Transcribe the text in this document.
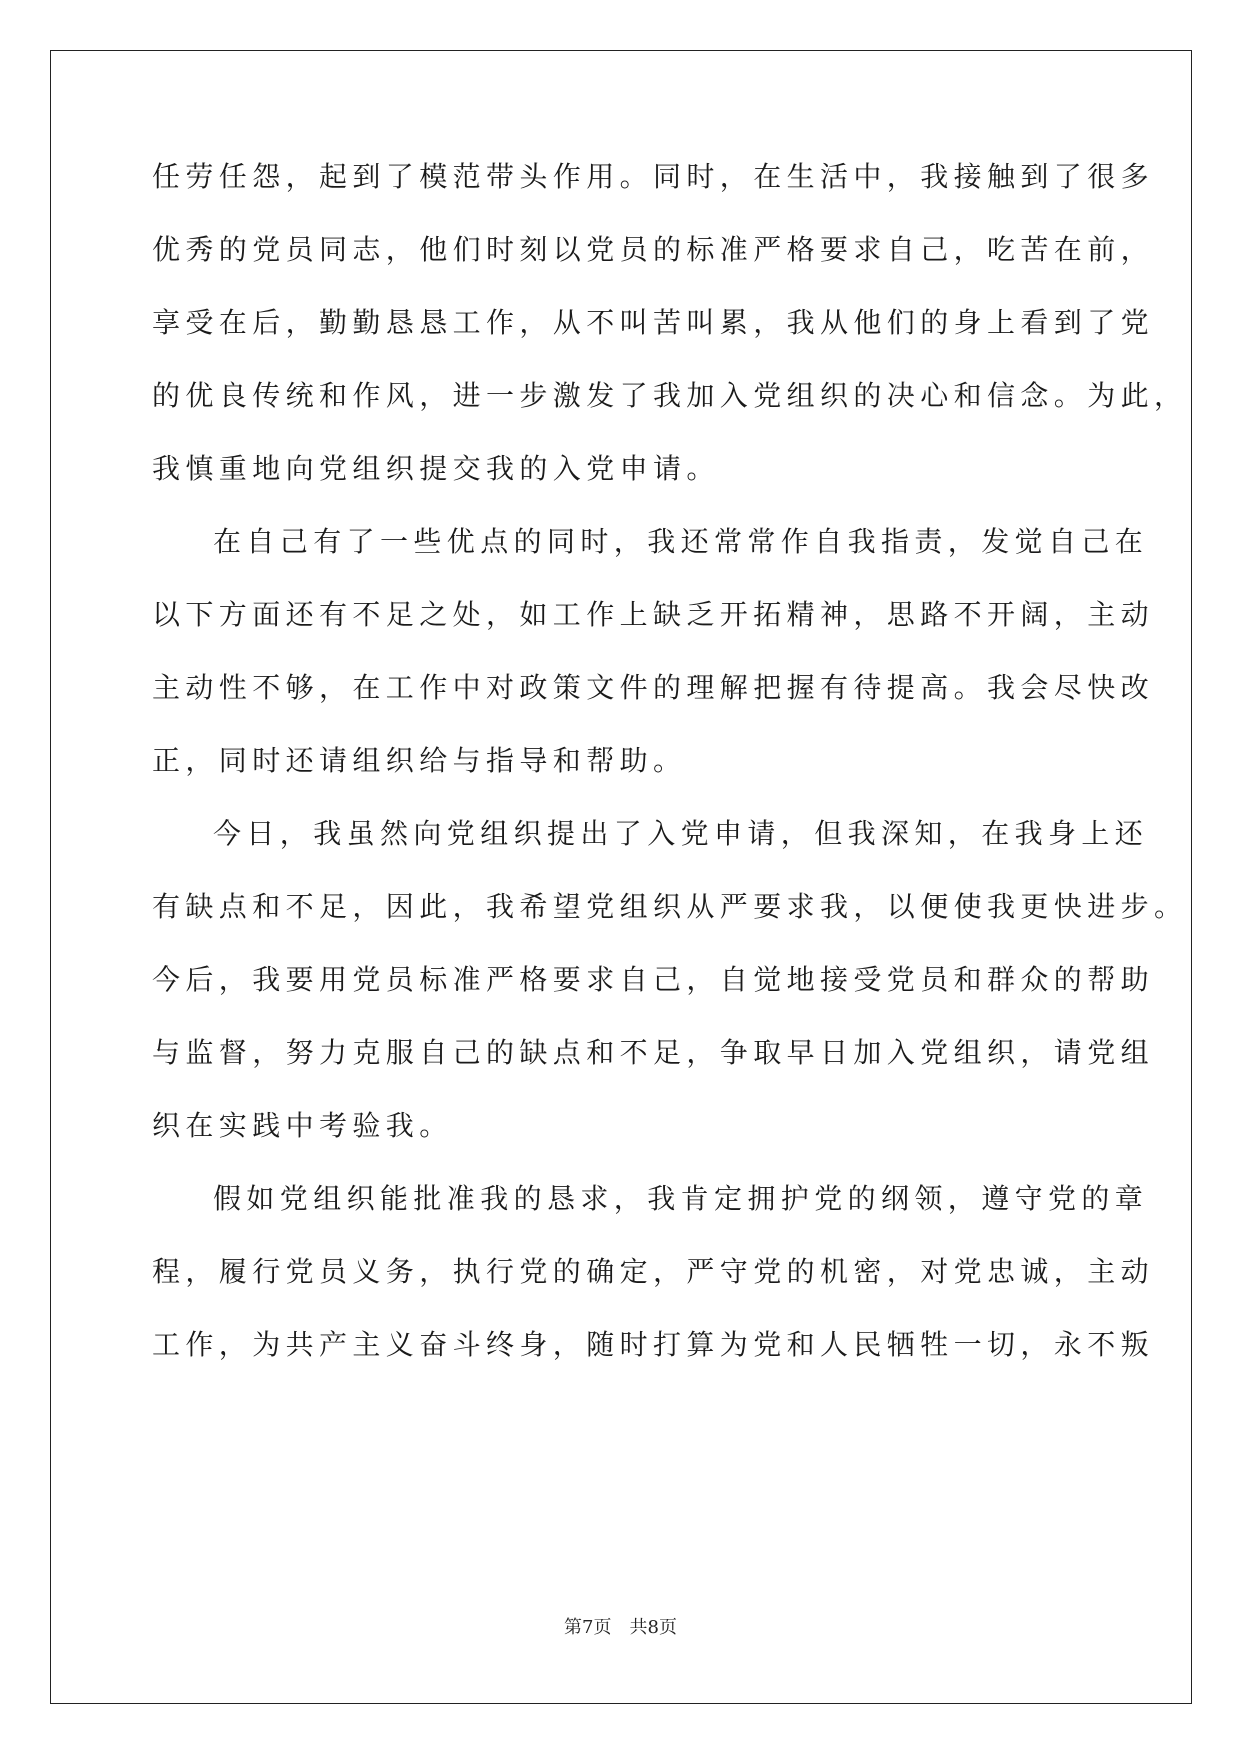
任劳任怨，起到了模范带头作用。同时，在生活中，我接触到了很多
优秀的党员同志，他们时刻以党员的标准严格要求自己，吃苦在前，
享受在后，勤勤恳恳工作，从不叫苦叫累，我从他们的身上看到了党
的优良传统和作风，进一步激发了我加入党组织的决心和信念。为此，
我慎重地向党组织提交我的入党申请。
在自己有了一些优点的同时，我还常常作自我指责，发觉自己在
以下方面还有不足之处，如工作上缺乏开拓精神，思路不开阔，主动
主动性不够，在工作中对政策文件的理解把握有待提高。我会尽快改
正，同时还请组织给与指导和帮助。
今日，我虽然向党组织提出了入党申请，但我深知，在我身上还
有缺点和不足，因此，我希望党组织从严要求我，以便使我更快进步。
今后，我要用党员标准严格要求自己，自觉地接受党员和群众的帮助
与监督，努力克服自己的缺点和不足，争取早日加入党组织，请党组
织在实践中考验我。
假如党组织能批准我的恳求，我肯定拥护党的纲领，遵守党的章
程，履行党员义务，执行党的确定，严守党的机密，对党忠诚，主动
工作，为共产主义奋斗终身，随时打算为党和人民牺牲一切，永不叛
第7页　共8页
